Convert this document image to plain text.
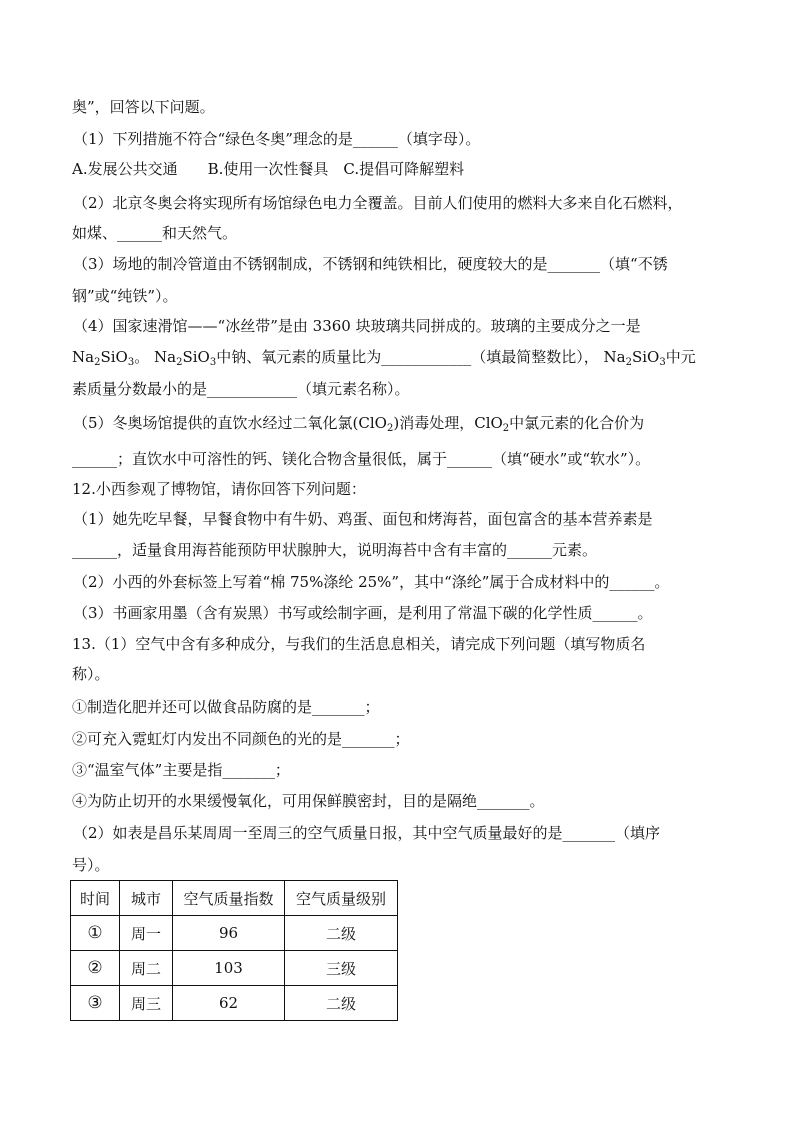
奥”，回答以下问题。
（1）下列措施不符合“绿色冬奥”理念的是______（填字母）。
A.发展公共交通　　B.使用一次性餐具　C.提倡可降解塑料
（2）北京冬奥会将实现所有场馆绿色电力全覆盖。目前人们使用的燃料大多来自化石燃料，
如煤、______和天然气。
（3）场地的制冷管道由不锈钢制成，不锈钢和纯铁相比，硬度较大的是_______（填“不锈
钢”或“纯铁”）。
（4）国家速滑馆——“冰丝带”是由 3360 块玻璃共同拼成的。玻璃的主要成分之一是
$Na_2SiO_3$。 $Na_2SiO_3$中钠、氧元素的质量比为____________（填最简整数比）， $Na_2SiO_3$中元
素质量分数最小的是____________（填元素名称）。
（5）冬奥场馆提供的直饮水经过二氧化氯(ClO$_2$)消毒处理，ClO$_2$中氯元素的化合价为
______；直饮水中可溶性的钙、镁化合物含量很低，属于______（填“硬水”或“软水”）。
12.小西参观了博物馆，请你回答下列问题：
（1）她先吃早餐，早餐食物中有牛奶、鸡蛋、面包和烤海苔，面包富含的基本营养素是
______，适量食用海苔能预防甲状腺肿大，说明海苔中含有丰富的______元素。
（2）小西的外套标签上写着“棉 75%涤纶 25%”，其中“涤纶”属于合成材料中的______。
（3）书画家用墨（含有炭黑）书写或绘制字画，是利用了常温下碳的化学性质______。
13.（1）空气中含有多种成分，与我们的生活息息相关，请完成下列问题（填写物质名
称）。
①制造化肥并还可以做食品防腐的是_______；
②可充入霓虹灯内发出不同颜色的光的是_______；
③“温室气体”主要是指_______；
④为防止切开的水果缓慢氧化，可用保鲜膜密封，目的是隔绝_______。
（2）如表是昌乐某周周一至周三的空气质量日报，其中空气质量最好的是_______（填序
号）。
时间	城市	空气质量指数	空气质量级别
①	周一	96	二级
②	周二	103	三级
③	周三	62	二级
